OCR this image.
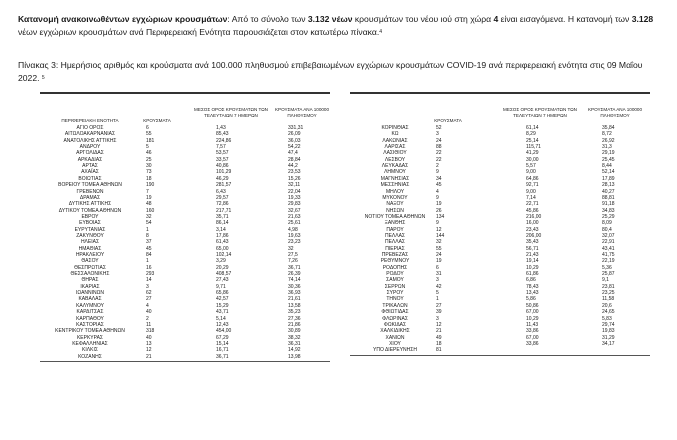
Κατανομή ανακοινωθέντων εγχώριων κρουσμάτων: Από το σύνολο των 3.132 νέων κρουσμάτων του νέου ιού στη χώρα 4 είναι εισαγόμενα. Η κατανομή των 3.128 νέων εγχώριων κρουσμάτων ανά Περιφερειακή Ενότητα παρουσιάζεται στον κατωτέρω πίνακα.$^4$
Πίνακας 3: Ημερήσιος αριθμός και κρούσματα ανά 100.000 πληθυσμού επιβεβαιωμένων εγχώριων κρουσμάτων COVID-19 ανά περιφερειακή ενότητα στις 09 Μαΐου 2022. $^5$
ΠΕΡΙΦΕΡΕΙΑΚΗ ΕΝΟΤΗΤΑ	ΚΡΟΥΣΜΑΤΑ
ΜΕΣΟΣ ΟΡΟΣ ΚΡΟΥΣΜΑΤΩΝ ΤΩΝ ΤΕΛΕΥΤΑΙΩΝ 7 ΗΜΕΡΩΝ
ΚΡΟΥΣΜΑΤΑ ΑΝΑ 100000 ΠΛΗΘΥΣΜΟΥ
ΑΓΙΟ ΟΡΟΣ	6	1,43	331,31
ΑΙΤΩΛΟΑΚΑΡΝΑΝΙΑΣ	55	85,43	26,09
ΑΝΑΤΟΛΙΚΗΣ ΑΤΤΙΚΗΣ	181	224,86	36,03
ΑΝΔΡΟΥ	5	7,57	54,22
ΑΡΓΟΛΙΔΑΣ	46	53,57	47,4
ΑΡΚΑΔΙΑΣ	25	33,57	28,84
ΑΡΤΑΣ	30	40,86	44,2
ΑΧΑΪΑΣ	73	101,29	23,53
ΒΟΙΩΤΙΑΣ	18	46,29	15,26
ΒΟΡΕΙΟΥ ΤΟΜΕΑ ΑΘΗΝΩΝ	190	281,57	32,11
ΓΡΕΒΕΝΩΝ	7	6,43	22,04
ΔΡΑΜΑΣ	19	29,57	19,33
ΔΥΤΙΚΗΣ ΑΤΤΙΚΗΣ	48	72,86	29,83
ΔΥΤΙΚΟΥ ΤΟΜΕΑ ΑΘΗΝΩΝ	160	217,71	32,67
ΕΒΡΟΥ	32	35,71	21,63
ΕΥΒΟΙΑΣ	54	86,14	25,61
ΕΥΡΥΤΑΝΙΑΣ	1	3,14	4,98
ΖΑΚΥΝΘΟΥ	8	17,86	19,63
ΗΛΕΙΑΣ	37	61,43	23,23
ΗΜΑΘΙΑΣ	45	65,00	32
ΗΡΑΚΛΕΙΟΥ	84	102,14	27,5
ΘΑΣΟΥ	1	3,29	7,26
ΘΕΣΠΡΩΤΙΑΣ	16	20,29	36,71
ΘΕΣΣΑΛΟΝΙΚΗΣ	293	408,57	26,39
ΘΗΡΑΣ	14	27,43	74,14
ΙΚΑΡΙΑΣ	3	9,71	30,36
ΙΩΑΝΝΙΝΩΝ	62	65,86	36,93
ΚΑΒΑΛΑΣ	27	42,57	21,61
ΚΑΛΥΜΝΟΥ	4	15,29	13,58
ΚΑΡΔΙΤΣΑΣ	40	43,71	35,23
ΚΑΡΠΑΘΟΥ	2	5,14	27,36
ΚΑΣΤΟΡΙΑΣ	11	12,43	21,86
ΚΕΝΤΡΙΚΟΥ ΤΟΜΕΑ ΑΘΗΝΩΝ	318	454,00	30,89
ΚΕΡΚΥΡΑΣ	40	67,29	38,32
ΚΕΦΑΛΛΗΝΙΑΣ	13	15,14	36,31
ΚΙΛΚΙΣ	12	16,71	14,92
ΚΟΖΑΝΗΣ	21	36,71	13,98
ΚΡΟΥΣΜΑΤΑ
ΜΕΣΟΣ ΟΡΟΣ ΚΡΟΥΣΜΑΤΩΝ ΤΩΝ ΤΕΛΕΥΤΑΙΩΝ 7 ΗΜΕΡΩΝ
ΚΡΟΥΣΜΑΤΑ ΑΝΑ 100000 ΠΛΗΘΥΣΜΟΥ
ΚΟΡΙΝΘΙΑΣ	52	61,14	35,84
ΚΩ	3	8,29	8,72
ΛΑΚΩΝΙΑΣ	24	25,14	26,92
ΛΑΡΙΣΑΣ	88	115,71	31,3
ΛΑΣΙΘΙΟΥ	22	41,29	29,19
ΛΕΣΒΟΥ	22	30,00	25,45
ΛΕΥΚΑΔΑΣ	2	5,57	8,44
ΛΗΜΝΟΥ	9	9,00	52,14
ΜΑΓΝΗΣΙΑΣ	34	64,86	17,89
ΜΕΣΣΗΝΙΑΣ	45	92,71	28,13
ΜΗΛΟΥ	4	9,00	40,27
ΜΥΚΟΝΟΥ	9	7,14	88,81
ΝΑΞΟΥ	19	22,71	91,18
ΝΗΣΩΝ	26	45,86	34,83
ΝΟΤΙΟΥ ΤΟΜΕΑ ΑΘΗΝΩΝ	134	216,00	25,29
ΞΑΝΘΗΣ	9	16,00	8,09
ΠΑΡΟΥ	12	23,43	80,4
ΠΕΛΛΑΣ	144	206,00	32,07
ΠΕΛΛΑΣ	32	35,43	22,91
ΠΙΕΡΙΑΣ	55	56,71	43,41
ΠΡΕΒΕΖΑΣ	24	21,43	41,75
ΡΕΘΥΜΝΟΥ	19	19,14	22,19
ΡΟΔΟΠΗΣ	6	10,29	5,36
ΡΟΔΟΥ	31	61,86	25,87
ΣΑΜΟΥ	3	6,86	9,1
ΣΕΡΡΩΝ	42	78,43	23,81
ΣΥΡΟΥ	5	13,43	23,25
ΤΗΝΟΥ	1	5,86	11,58
ΤΡΙΚΑΛΩΝ	27	50,86	20,6
ΦΘΙΩΤΙΔΑΣ	39	67,00	24,65
ΦΛΩΡΙΝΑΣ	3	10,29	5,83
ΦΩΚΙΔΑΣ	12	11,43	29,74
ΧΑΛΚΙΔΙΚΗΣ	21	33,86	19,83
ΧΑΝΙΩΝ	49	67,00	31,29
ΧΙΟΥ	18	33,86	34,17
ΥΠΟ ΔΙΕΡΕΥΝΗΣΗ	81
